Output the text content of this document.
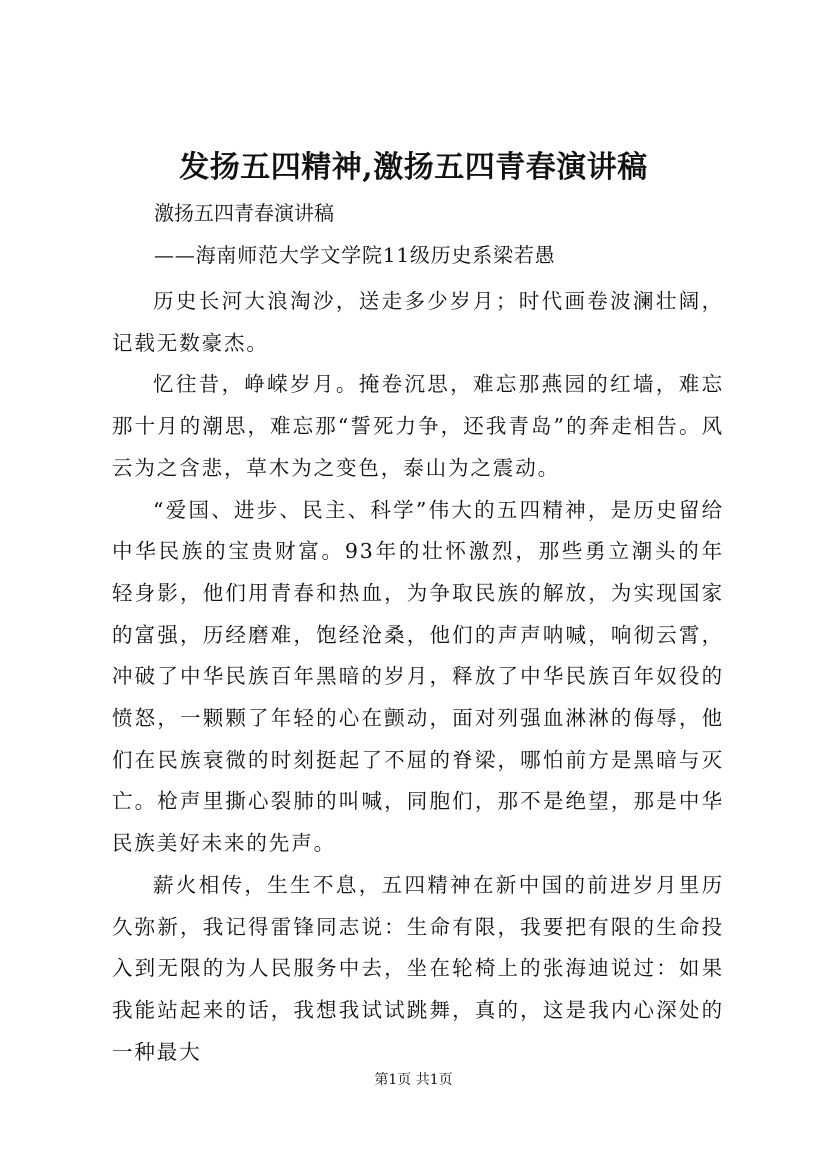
发扬五四精神,激扬五四青春演讲稿
激扬五四青春演讲稿
——海南师范大学文学院11级历史系梁若愚

历史长河大浪淘沙，送走多少岁月；时代画卷波澜壮阔，记载无数豪杰。

忆往昔，峥嵘岁月。掩卷沉思，难忘那燕园的红墙，难忘那十月的潮思，难忘那“誓死力争，还我青岛”的奔走相告。风云为之含悲，草木为之变色，泰山为之震动。

“爱国、进步、民主、科学”伟大的五四精神，是历史留给中华民族的宝贵财富。93年的壮怀激烈，那些勇立潮头的年轻身影，他们用青春和热血，为争取民族的解放，为实现国家的富强，历经磨难，饱经沧桑，他们的声声呐喊，响彻云霄，冲破了中华民族百年黑暗的岁月，释放了中华民族百年奴役的愤怒，一颗颗了年轻的心在颤动，面对列强血淋淋的侮辱，他们在民族衰微的时刻挺起了不屈的脊梁，哪怕前方是黑暗与灭亡。枪声里撕心裂肺的叫喊，同胞们，那不是绝望，那是中华民族美好未来的先声。

薪火相传，生生不息，五四精神在新中国的前进岁月里历久弥新，我记得雷锋同志说：生命有限，我要把有限的生命投入到无限的为人民服务中去，坐在轮椅上的张海迪说过：如果我能站起来的话，我想我试试跳舞，真的，这是我内心深处的一种最大

第1页 共1页
